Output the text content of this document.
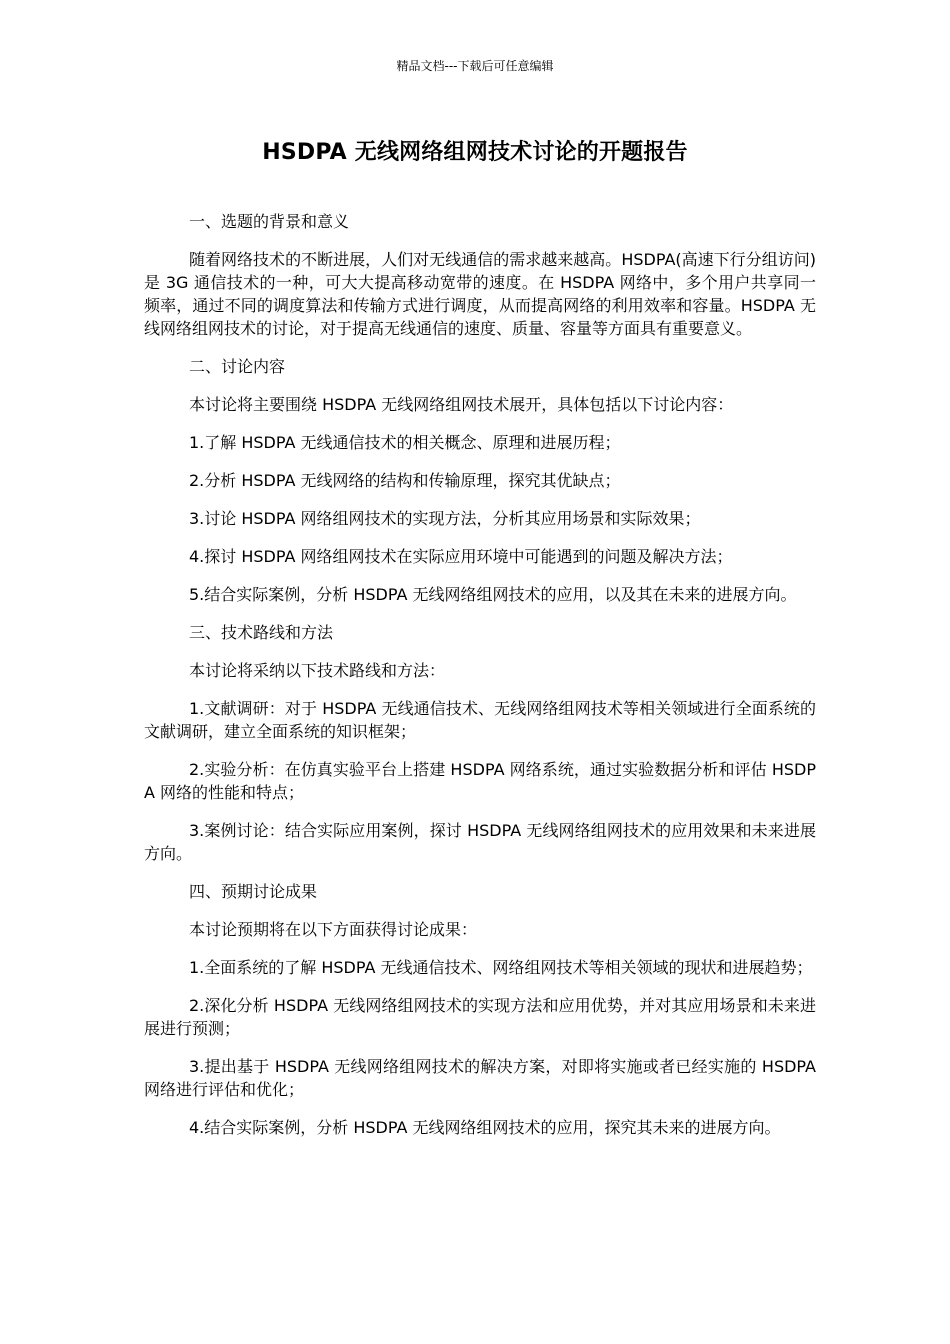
精品文档---下载后可任意编辑
HSDPA 无线网络组网技术讨论的开题报告

一、选题的背景和意义

随着网络技术的不断进展，人们对无线通信的需求越来越高。HSDPA(高速下行分组访问)是 3G 通信技术的一种，可大大提高移动宽带的速度。在 HSDPA 网络中，多个用户共享同一频率，通过不同的调度算法和传输方式进行调度，从而提高网络的利用效率和容量。HSDPA 无线网络组网技术的讨论，对于提高无线通信的速度、质量、容量等方面具有重要意义。

二、讨论内容

本讨论将主要围绕 HSDPA 无线网络组网技术展开，具体包括以下讨论内容：

1.了解 HSDPA 无线通信技术的相关概念、原理和进展历程；

2.分析 HSDPA 无线网络的结构和传输原理，探究其优缺点；

3.讨论 HSDPA 网络组网技术的实现方法，分析其应用场景和实际效果；

4.探讨 HSDPA 网络组网技术在实际应用环境中可能遇到的问题及解决方法；

5.结合实际案例，分析 HSDPA 无线网络组网技术的应用，以及其在未来的进展方向。

三、技术路线和方法

本讨论将采纳以下技术路线和方法：

1.文献调研：对于 HSDPA 无线通信技术、无线网络组网技术等相关领域进行全面系统的文献调研，建立全面系统的知识框架；

2.实验分析：在仿真实验平台上搭建 HSDPA 网络系统，通过实验数据分析和评估 HSDPA 网络的性能和特点；

3.案例讨论：结合实际应用案例，探讨 HSDPA 无线网络组网技术的应用效果和未来进展方向。

四、预期讨论成果

本讨论预期将在以下方面获得讨论成果：

1.全面系统的了解 HSDPA 无线通信技术、网络组网技术等相关领域的现状和进展趋势；

2.深化分析 HSDPA 无线网络组网技术的实现方法和应用优势，并对其应用场景和未来进展进行预测；

3.提出基于 HSDPA 无线网络组网技术的解决方案，对即将实施或者已经实施的 HSDPA 网络进行评估和优化；

4.结合实际案例，分析 HSDPA 无线网络组网技术的应用，探究其未来的进展方向。
